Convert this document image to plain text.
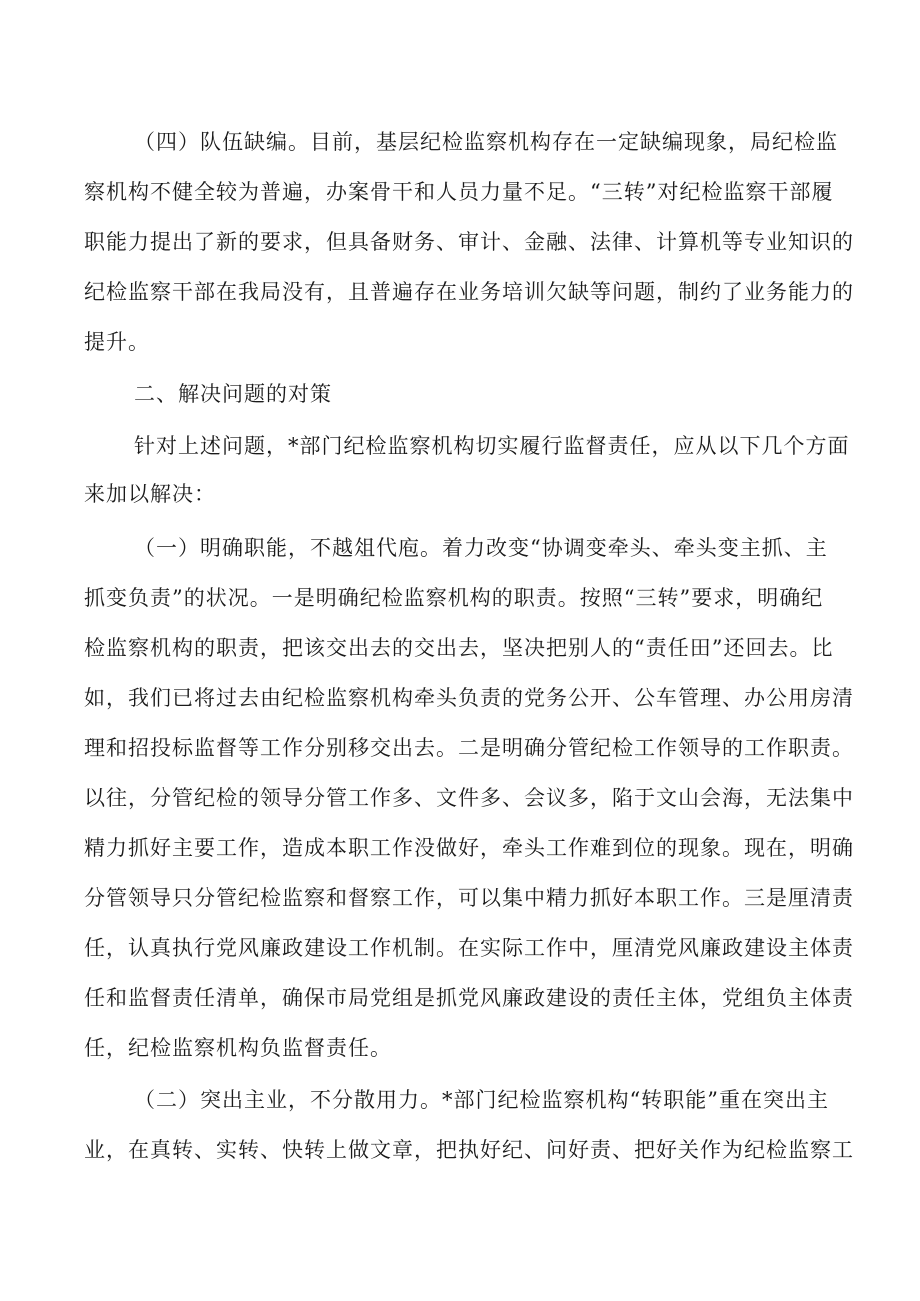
（四）队伍缺编。目前，基层纪检监察机构存在一定缺编现象，局纪检监
察机构不健全较为普遍，办案骨干和人员力量不足。“三转”对纪检监察干部履
职能力提出了新的要求，但具备财务、审计、金融、法律、计算机等专业知识的
纪检监察干部在我局没有，且普遍存在业务培训欠缺等问题，制约了业务能力的
提升。
二、解决问题的对策
针对上述问题，*部门纪检监察机构切实履行监督责任，应从以下几个方面
来加以解决：
（一）明确职能，不越俎代庖。着力改变“协调变牵头、牵头变主抓、主
抓变负责”的状况。一是明确纪检监察机构的职责。按照“三转”要求，明确纪
检监察机构的职责，把该交出去的交出去，坚决把别人的“责任田”还回去。比
如，我们已将过去由纪检监察机构牵头负责的党务公开、公车管理、办公用房清
理和招投标监督等工作分别移交出去。二是明确分管纪检工作领导的工作职责。
以往，分管纪检的领导分管工作多、文件多、会议多，陷于文山会海，无法集中
精力抓好主要工作，造成本职工作没做好，牵头工作难到位的现象。现在，明确
分管领导只分管纪检监察和督察工作，可以集中精力抓好本职工作。三是厘清责
任，认真执行党风廉政建设工作机制。在实际工作中，厘清党风廉政建设主体责
任和监督责任清单，确保市局党组是抓党风廉政建设的责任主体，党组负主体责
任，纪检监察机构负监督责任。
（二）突出主业，不分散用力。*部门纪检监察机构“转职能”重在突出主
业，在真转、实转、快转上做文章，把执好纪、问好责、把好关作为纪检监察工
